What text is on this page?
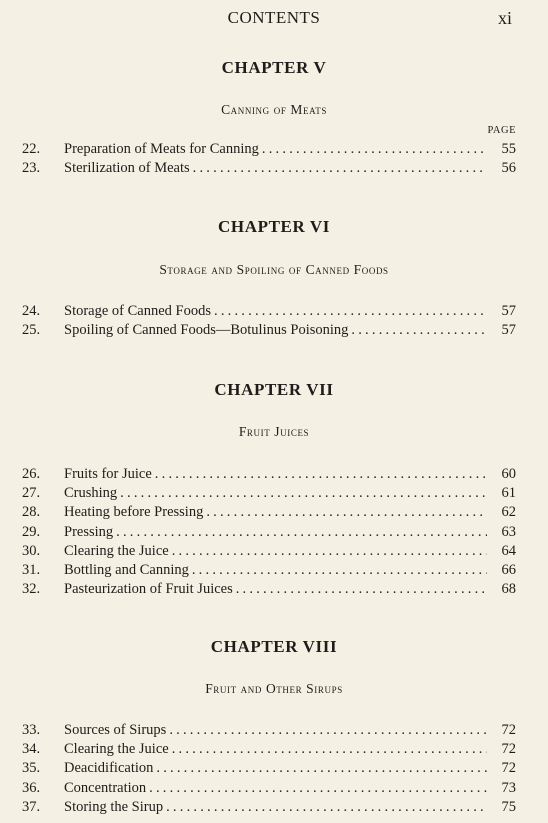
CONTENTS	xi
CHAPTER V
Canning of Meats
PAGE
22.	Preparation of Meats for Canning .....	55
23.	Sterilization of Meats .....	56
CHAPTER VI
Storage and Spoiling of Canned Foods
24.	Storage of Canned Foods .....	57
25.	Spoiling of Canned Foods—Botulinus Poisoning .....	57
CHAPTER VII
Fruit Juices
26.	Fruits for Juice .....	60
27.	Crushing .....	61
28.	Heating before Pressing .....	62
29.	Pressing .....	63
30.	Clearing the Juice .....	64
31.	Bottling and Canning .....	66
32.	Pasteurization of Fruit Juices .....	68
CHAPTER VIII
Fruit and Other Sirups
33.	Sources of Sirups .....	72
34.	Clearing the Juice .....	72
35.	Deacidification .....	72
36.	Concentration .....	73
37.	Storing the Sirup .....	75
